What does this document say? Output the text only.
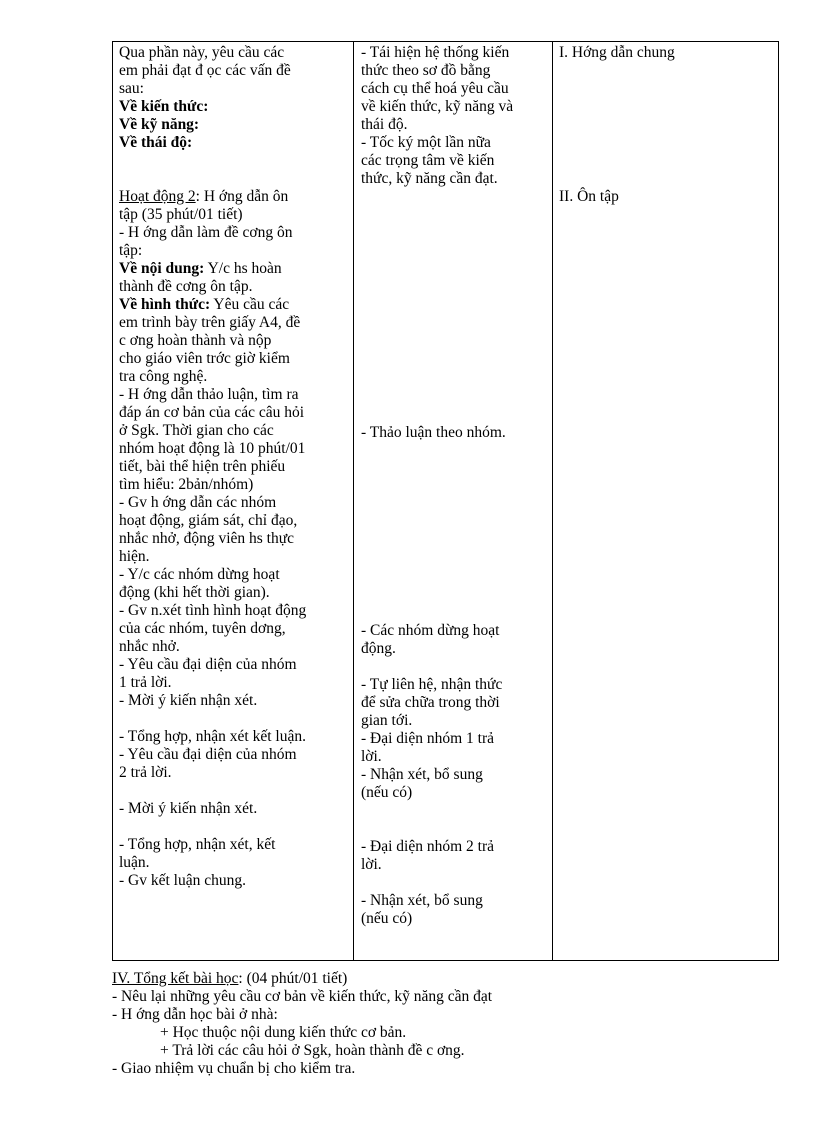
Qua phần này, yêu cầu các
em phải đạt đ ọc các vấn đề
sau:
Về kiến thức:
Về kỹ năng:
Về thái độ:
Hoạt động 2: H ớng dẫn ôn
tập (35 phút/01 tiết)
- H ớng dẫn làm đề cơng ôn
tập:
Về nội dung: Y/c hs hoàn
thành đề cơng ôn tập.
Về hình thức: Yêu cầu các
em trình bày trên giấy A4, đề
c ơng hoàn thành và nộp
cho giáo viên trớc giờ kiểm
tra công nghệ.
- H ớng dẫn thảo luận, tìm ra
đáp án cơ bản của các câu hỏi
ở Sgk. Thời gian cho các
nhóm hoạt động là 10 phút/01
tiết, bài thể hiện trên phiếu
tìm hiểu: 2bản/nhóm)
- Gv h ớng dẫn các nhóm
hoạt động, giám sát, chỉ đạo,
nhắc nhở, động viên hs thực
hiện.
- Y/c các nhóm dừng hoạt
động (khi hết thời gian).
- Gv n.xét tình hình hoạt động
của các nhóm, tuyên dơng,
nhắc nhở.
- Yêu cầu đại diện của nhóm
1 trả lời.
- Mời ý kiến nhận xét.
- Tổng hợp, nhận xét kết luận.
- Yêu cầu đại diện của nhóm
2 trả lời.
- Mời ý kiến nhận xét.
- Tổng hợp, nhận xét, kết
luận.
- Gv kết luận chung.
- Tái hiện hệ thống kiến
thức theo sơ đồ bằng
cách cụ thể hoá yêu cầu
về kiến thức, kỹ năng và
thái độ.
- Tốc ký một lần nữa
các trọng tâm về kiến
thức, kỹ năng cần đạt.
- Thảo luận theo nhóm.
- Các nhóm dừng hoạt
động.
- Tự liên hệ, nhận thức
để sửa chữa trong thời
gian tới.
- Đại diện nhóm 1 trả
lời.
- Nhận xét, bổ sung
(nếu có)
- Đại diện nhóm 2 trả
lời.
- Nhận xét, bổ sung
(nếu có)
I. Hớng dẫn chung
II. Ôn tập
IV. Tổng kết bài học: (04 phút/01 tiết)
- Nêu lại những yêu cầu cơ bản về kiến thức, kỹ năng cần đạt
- H ớng dẫn học bài ở nhà:
+ Học thuộc nội dung kiến thức cơ bản.
+ Trả lời các câu hỏi ở Sgk, hoàn thành đề c ơng.
- Giao nhiệm vụ chuẩn bị cho kiểm tra.
